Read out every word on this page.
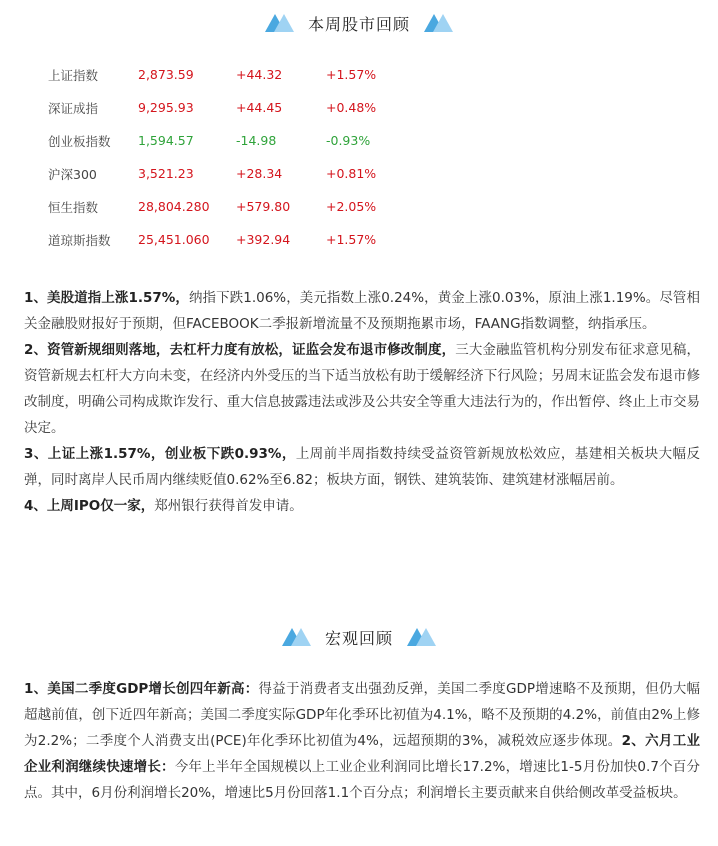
本周股市回顾
上证指数	2,873.59	+44.32	+1.57%
深证成指	9,295.93	+44.45	+0.48%
创业板指数	1,594.57	-14.98	-0.93%
沪深300	3,521.23	+28.34	+0.81%
恒生指数	28,804.280	+579.80	+2.05%
道琼斯指数	25,451.060	+392.94	+1.57%

1、美股道指上涨1.57%，纳指下跌1.06%，美元指数上涨0.24%，黄金上涨0.03%，原油上涨1.19%。尽管相关金融股财报好于预期，但FACEBOOK二季报新增流量不及预期拖累市场，FAANG指数调整，纳指承压。

2、资管新规细则落地，去杠杆力度有放松，证监会发布退市修改制度，三大金融监管机构分别发布征求意见稿，资管新规去杠杆大方向未变，在经济内外受压的当下适当放松有助于缓解经济下行风险；另周末证监会发布退市修改制度，明确公司构成欺诈发行、重大信息披露违法或涉及公共安全等重大违法行为的，作出暂停、终止上市交易决定。

3、上证上涨1.57%，创业板下跌0.93%，上周前半周指数持续受益资管新规放松效应，基建相关板块大幅反弹，同时离岸人民币周内继续贬值0.62%至6.82；板块方面，钢铁、建筑装饰、建筑建材涨幅居前。

4、上周IPO仅一家，郑州银行获得首发申请。

宏观回顾

1、美国二季度GDP增长创四年新高：得益于消费者支出强劲反弹，美国二季度GDP增速略不及预期，但仍大幅超越前值，创下近四年新高；美国二季度实际GDP年化季环比初值为4.1%，略不及预期的4.2%，前值由2%上修为2.2%；二季度个人消费支出(PCE)年化季环比初值为4%，远超预期的3%，减税效应逐步体现。2、六月工业企业利润继续快速增长：今年上半年全国规模以上工业企业利润同比增长17.2%，增速比1-5月份加快0.7个百分点。其中，6月份利润增长20%，增速比5月份回落1.1个百分点；利润增长主要贡献来自供给侧改革受益板块。
